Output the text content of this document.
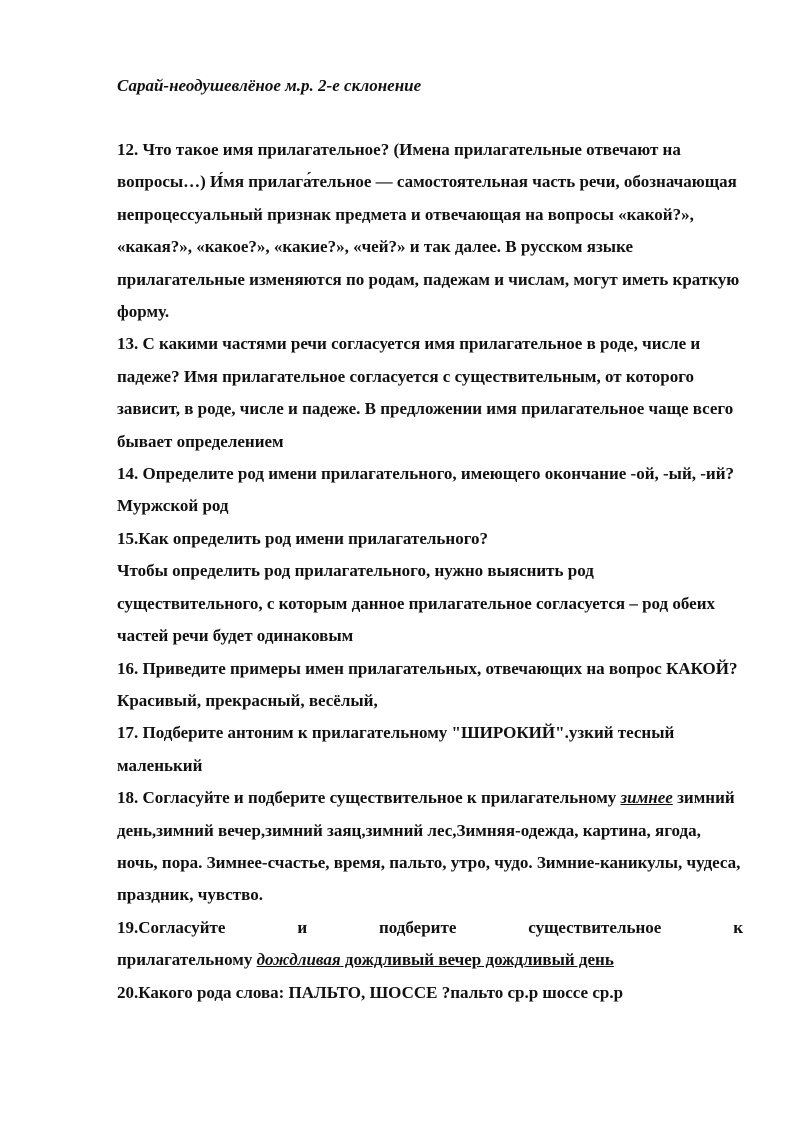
Сарай-неодушевлёное м.р. 2-е склонение

12. Что такое имя прилагательное? (Имена прилагательные отвечают на вопросы…) И́мя прилага́тельное — самостоятельная часть речи, обозначающая непроцессуальный признак предмета и отвечающая на вопросы «какой?», «какая?», «какое?», «какие?», «чей?» и так далее. В русском языке прилагательные изменяются по родам, падежам и числам, могут иметь краткую форму.

13. С какими частями речи согласуется имя прилагательное в роде, числе и падеже? Имя прилагательное согласуется с существительным, от которого зависит, в роде, числе и падеже. В предложении имя прилагательное чаще всего бывает определением

14. Определите род имени прилагательного, имеющего окончание -ой, -ый, -ий? Муржской род

15.Как определить род имени прилагательного?

Чтобы определить род прилагательного, нужно выяснить род существительного, с которым данное прилагательное согласуется – род обеих частей речи будет одинаковым

16. Приведите примеры имен прилагательных, отвечающих на вопрос КАКОЙ? Красивый, прекрасный, весёлый,

17. Подберите антоним к прилагательному "ШИРОКИЙ".узкий тесный маленький

18. Согласуйте и подберите существительное к прилагательному зимнее зимний день,зимний вечер,зимний заяц,зимний лес,Зимняя-одежда, картина, ягода, ночь, пора. Зимнее-счастье, время, пальто, утро, чудо. Зимние-каникулы, чудеса, праздник, чувство.

19.Согласуйте и подберите существительное к

прилагательному дождливая дождливый вечер дождливый день

20.Какого рода слова: ПАЛЬТО, ШОССЕ ?пальто ср.р шоссе ср.р
